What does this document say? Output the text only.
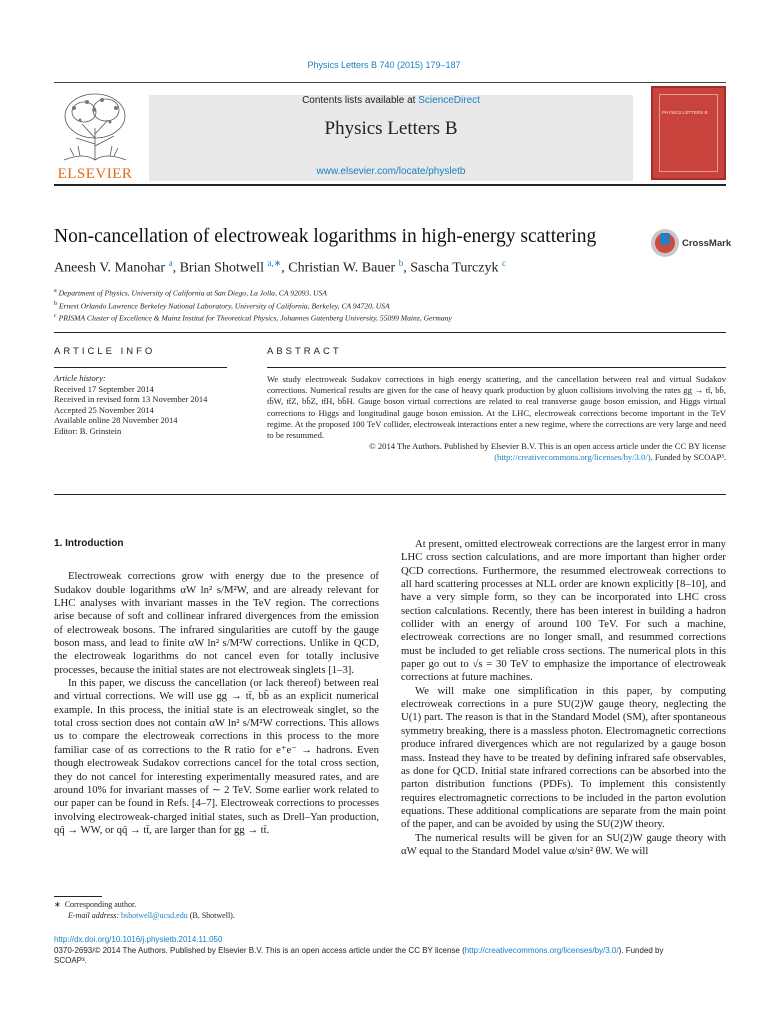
Physics Letters B 740 (2015) 179–187
ELSEVIER
Contents lists available at ScienceDirect
Physics Letters B
www.elsevier.com/locate/physletb
PHYSICS LETTERS B
Non-cancellation of electroweak logarithms in high-energy scattering	CrossMark
Aneesh V. Manohar $^a$, Brian Shotwell $^{a,∗}$, Christian W. Bauer $^b$, Sascha Turczyk $^c$
$^a$ Department of Physics, University of California at San Diego, La Jolla, CA 92093, USA
$^b$ Ernest Orlando Lawrence Berkeley National Laboratory, University of California, Berkeley, CA 94720, USA
$^c$ PRISMA Cluster of Excellence & Mainz Institut for Theoretical Physics, Johannes Gutenberg University, 55099 Mainz, Germany
ARTICLE INFO	ABSTRACT
Article history:
Received 17 September 2014
Received in revised form 13 November 2014
Accepted 25 November 2014
Available online 28 November 2014
Editor: B. Grinstein
We study electroweak Sudakov corrections in high energy scattering, and the cancellation between real and virtual Sudakov corrections. Numerical results are given for the case of heavy quark production by gluon collisions involving the rates gg → tt̄, bb̄, tb̄W, tt̄Z, bb̄Z, tt̄H, bb̄H. Gauge boson virtual corrections are related to real transverse gauge boson emission, and Higgs virtual corrections to Higgs and longitudinal gauge boson emission. At the LHC, electroweak corrections become important in the TeV regime. At the proposed 100 TeV collider, electroweak interactions enter a new regime, where the corrections are very large and need to be resummed.
© 2014 The Authors. Published by Elsevier B.V. This is an open access article under the CC BY license
(http://creativecommons.org/licenses/by/3.0/). Funded by SCOAP³.

1. Introduction

Electroweak corrections grow with energy due to the presence of Sudakov double logarithms αW ln² s/M²W, and are already relevant for LHC analyses with invariant masses in the TeV region. The corrections arise because of soft and collinear infrared divergences from the emission of electroweak bosons. The infrared singularities are cutoff by the gauge boson mass, and lead to finite αW ln² s/M²W corrections. Unlike in QCD, the electroweak logarithms do not cancel even for totally inclusive processes, because the initial states are not electroweak singlets [1–3].

In this paper, we discuss the cancellation (or lack thereof) between real and virtual corrections. We will use gg → tt̄, bb̄ as an explicit numerical example. In this process, the initial state is an electroweak singlet, so the total cross section does not contain αW ln² s/M²W corrections. This allows us to compare the electroweak corrections in this process to the more familiar case of αs corrections to the R ratio for e⁺e⁻ → hadrons. Even though electroweak Sudakov corrections cancel for the total cross section, they do not cancel for interesting experimentally measured rates, and are around 10% for invariant masses of ∼ 2 TeV. Some earlier work related to our paper can be found in Refs. [4–7]. Electroweak corrections to processes involving electroweak-charged initial states, such as Drell–Yan production, qq̄ → WW, or qq̄ → tt̄, are larger than for gg → tt̄.

At present, omitted electroweak corrections are the largest error in many LHC cross section calculations, and are more important than higher order QCD corrections. Furthermore, the resummed electroweak corrections to all hard scattering processes at NLL order are known explicitly [8–10], and have a very simple form, so they can be incorporated into LHC cross section calculations. Recently, there has been interest in building a hadron collider with an energy of around 100 TeV. For such a machine, electroweak corrections are no longer small, and resummed corrections must be included to get reliable cross sections. The numerical plots in this paper go out to √s = 30 TeV to emphasize the importance of electroweak corrections at future machines.

We will make one simplification in this paper, by computing electroweak corrections in a pure SU(2)W gauge theory, neglecting the U(1) part. The reason is that in the Standard Model (SM), after spontaneous symmetry breaking, there is a massless photon. Electromagnetic corrections produce infrared divergences which are not regularized by a gauge boson mass. Instead they have to be treated by defining infrared safe observables, as done for QCD. Initial state infrared corrections can be absorbed into the parton distribution functions (PDFs). To implement this consistently requires electromagnetic corrections to be included in the parton evolution equations. These additional complications are separate from the main point of the paper, and can be avoided by using the SU(2)W theory.

The numerical results will be given for an SU(2)W gauge theory with αW equal to the Standard Model value α/sin² θW. We will

∗ Corresponding author.
E-mail address: bshotwell@ucsd.edu (B. Shotwell).
http://dx.doi.org/10.1016/j.physletb.2014.11.050
0370-2693/© 2014 The Authors. Published by Elsevier B.V. This is an open access article under the CC BY license (http://creativecommons.org/licenses/by/3.0/). Funded by
SCOAP³.
